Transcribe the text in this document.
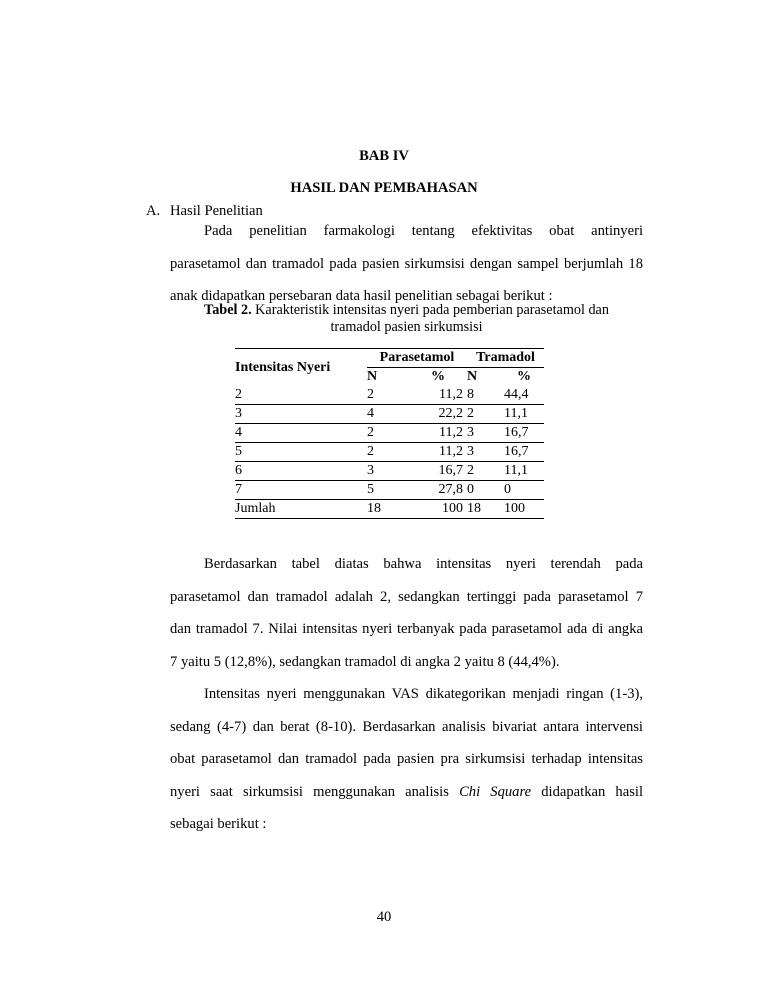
BAB IV
HASIL DAN PEMBAHASAN
A. Hasil Penelitian
Pada penelitian farmakologi tentang efektivitas obat antinyeri
parasetamol dan tramadol pada pasien sirkumsisi dengan sampel berjumlah 18
anak didapatkan persebaran data hasil penelitian sebagai berikut :
Tabel 2. Karakteristik intensitas nyeri pada pemberian parasetamol dan
tramadol pasien sirkumsisi
Intensitas Nyeri	Parasetamol		Tramadol	
	N	%	N	%
2	2	11,2	8	44,4
3	4	22,2	2	11,1
4	2	11,2	3	16,7
5	2	11,2	3	16,7
6	3	16,7	2	11,1
7	5	27,8	0	0
Jumlah	18	100	18	100
Berdasarkan tabel diatas bahwa intensitas nyeri terendah pada
parasetamol dan tramadol adalah 2, sedangkan tertinggi pada parasetamol 7
dan tramadol 7. Nilai intensitas nyeri terbanyak pada parasetamol ada di angka
7 yaitu 5 (12,8%), sedangkan tramadol di angka 2 yaitu 8 (44,4%).
Intensitas nyeri menggunakan VAS dikategorikan menjadi ringan (1-3),
sedang (4-7) dan berat (8-10). Berdasarkan analisis bivariat antara intervensi
obat parasetamol dan tramadol pada pasien pra sirkumsisi terhadap intensitas
nyeri saat sirkumsisi menggunakan analisis Chi Square didapatkan hasil
sebagai berikut :
40
